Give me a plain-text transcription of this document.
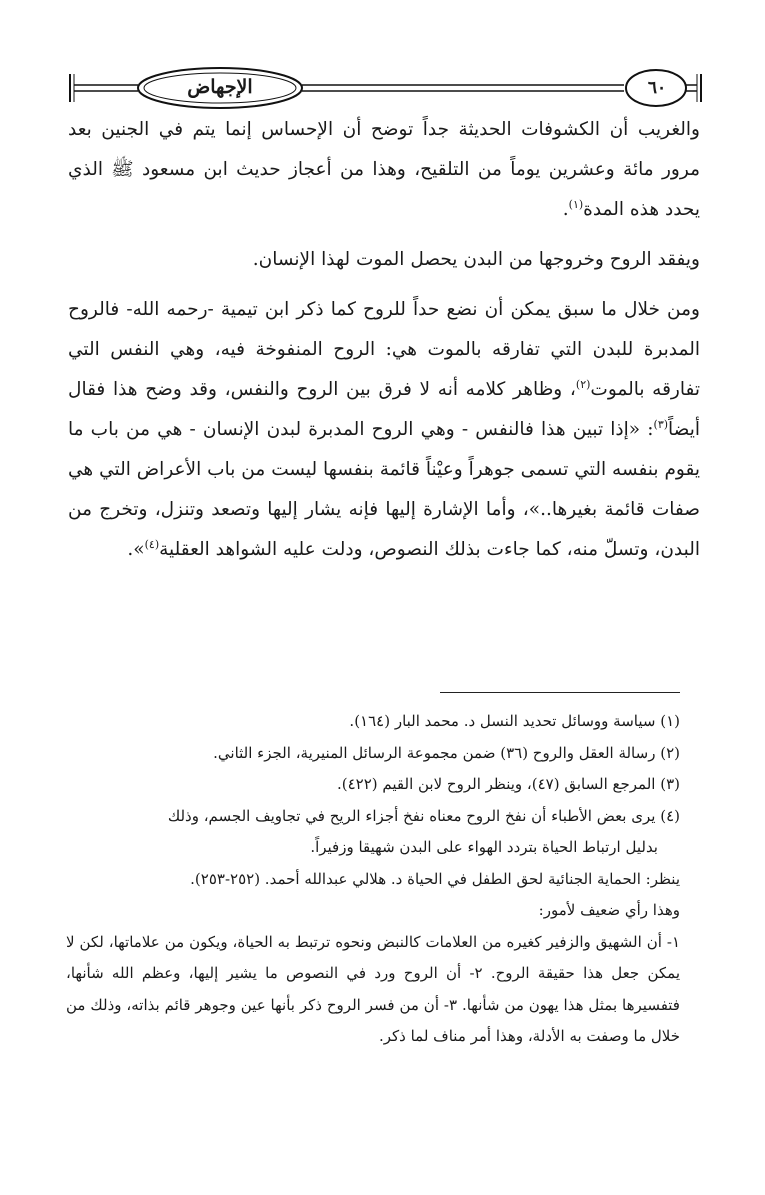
الإجهاض	٦٠

والغريب أن الكشوفات الحديثة جداً توضح أن الإحساس إنما يتم في الجنين بعد مرور مائة وعشرين يوماً من التلقيح، وهذا من أعجاز حديث ابن مسعود ﷺ الذي يحدد هذه المدة$^{(١)}$.

ويفقد الروح وخروجها من البدن يحصل الموت لهذا الإنسان.

ومن خلال ما سبق يمكن أن نضع حداً للروح كما ذكر ابن تيمية -رحمه الله- فالروح المدبرة للبدن التي تفارقه بالموت هي: الروح المنفوخة فيه، وهي النفس التي تفارقه بالموت$^{(٢)}$، وظاهر كلامه أنه لا فرق بين الروح والنفس، وقد وضح هذا فقال أيضاً$^{(٣)}$: «إذا تبين هذا فالنفس - وهي الروح المدبرة لبدن الإنسان - هي من باب ما يقوم بنفسه التي تسمى جوهراً وعيْناً قائمة بنفسها ليست من باب الأعراض التي هي صفات قائمة بغيرها..»، وأما الإشارة إليها فإنه يشار إليها وتصعد وتنزل، وتخرج من البدن، وتسلّ منه، كما جاءت بذلك النصوص، ودلت عليه الشواهد العقلية$^{(٤)}$».

(١) سياسة ووسائل تحديد النسل د. محمد البار (١٦٤).

(٢) رسالة العقل والروح (٣٦) ضمن مجموعة الرسائل المنيرية، الجزء الثاني.

(٣) المرجع السابق (٤٧)، وينظر الروح لابن القيم (٤٢٢).

(٤) يرى بعض الأطباء أن نفخ الروح معناه نفخ أجزاء الريح في تجاويف الجسم، وذلك

بدليل ارتباط الحياة بتردد الهواء على البدن شهيقا وزفيراً.

ينظر: الحماية الجنائية لحق الطفل في الحياة د. هلالي عبدالله أحمد. (٢٥٢-٢٥٣).

وهذا رأي ضعيف لأمور:

١- أن الشهيق والزفير كغيره من العلامات كالنبض ونحوه ترتبط به الحياة، ويكون من علاماتها، لكن لا يمكن جعل هذا حقيقة الروح. ٢- أن الروح ورد في النصوص ما يشير إليها، وعظم الله شأنها، فتفسيرها بمثل هذا يهون من شأنها. ٣- أن من فسر الروح ذكر بأنها عين وجوهر قائم بذاته، وذلك من خلال ما وصفت به الأدلة، وهذا أمر مناف لما ذكر.
